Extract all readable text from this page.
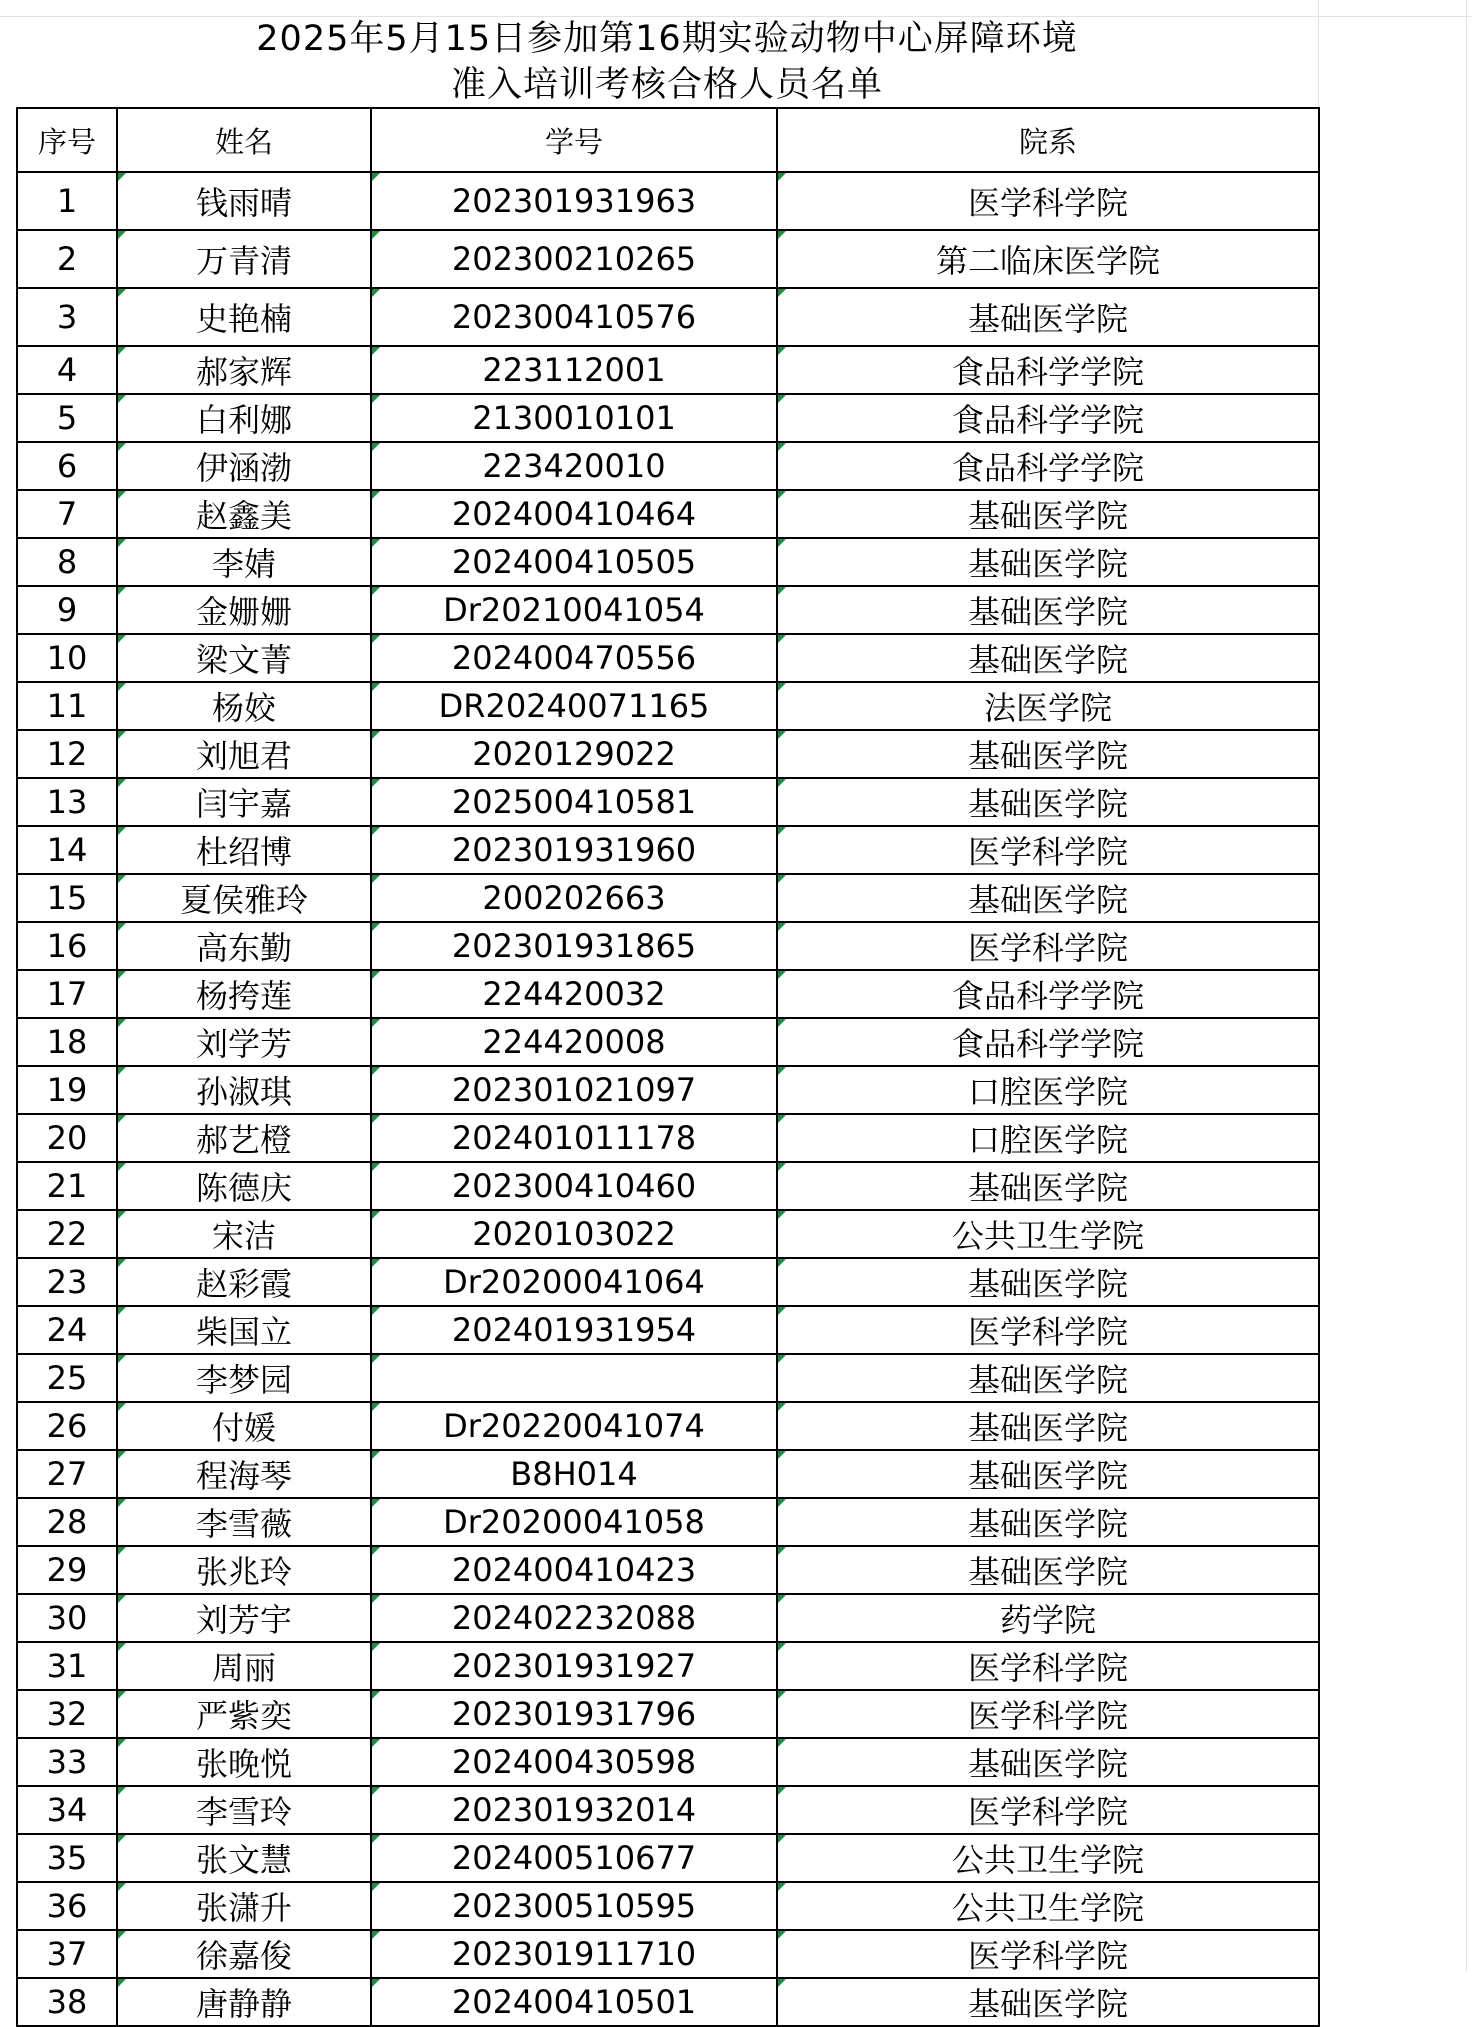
2025年5月15日参加第16期实验动物中心屏障环境
准入培训考核合格人员名单
序号	姓名	学号	院系
1	钱雨晴	202301931963	医学科学院
2	万青清	202300210265	第二临床医学院
3	史艳楠	202300410576	基础医学院
4	郝家辉	223112001	食品科学学院
5	白利娜	2130010101	食品科学学院
6	伊涵渤	223420010	食品科学学院
7	赵鑫美	202400410464	基础医学院
8	李婧	202400410505	基础医学院
9	金姗姗	Dr20210041054	基础医学院
10	梁文菁	202400470556	基础医学院
11	杨姣	DR20240071165	法医学院
12	刘旭君	2020129022	基础医学院
13	闫宇嘉	202500410581	基础医学院
14	杜绍博	202301931960	医学科学院
15	夏侯雅玲	200202663	基础医学院
16	高东勤	202301931865	医学科学院
17	杨挎莲	224420032	食品科学学院
18	刘学芳	224420008	食品科学学院
19	孙淑琪	202301021097	口腔医学院
20	郝艺橙	202401011178	口腔医学院
21	陈德庆	202300410460	基础医学院
22	宋洁	2020103022	公共卫生学院
23	赵彩霞	Dr20200041064	基础医学院
24	柴国立	202401931954	医学科学院
25	李梦园		基础医学院
26	付媛	Dr20220041074	基础医学院
27	程海琴	B8H014	基础医学院
28	李雪薇	Dr20200041058	基础医学院
29	张兆玲	202400410423	基础医学院
30	刘芳宇	202402232088	药学院
31	周丽	202301931927	医学科学院
32	严紫奕	202301931796	医学科学院
33	张晚悦	202400430598	基础医学院
34	李雪玲	202301932014	医学科学院
35	张文慧	202400510677	公共卫生学院
36	张潇升	202300510595	公共卫生学院
37	徐嘉俊	202301911710	医学科学院
38	唐静静	202400410501	基础医学院
